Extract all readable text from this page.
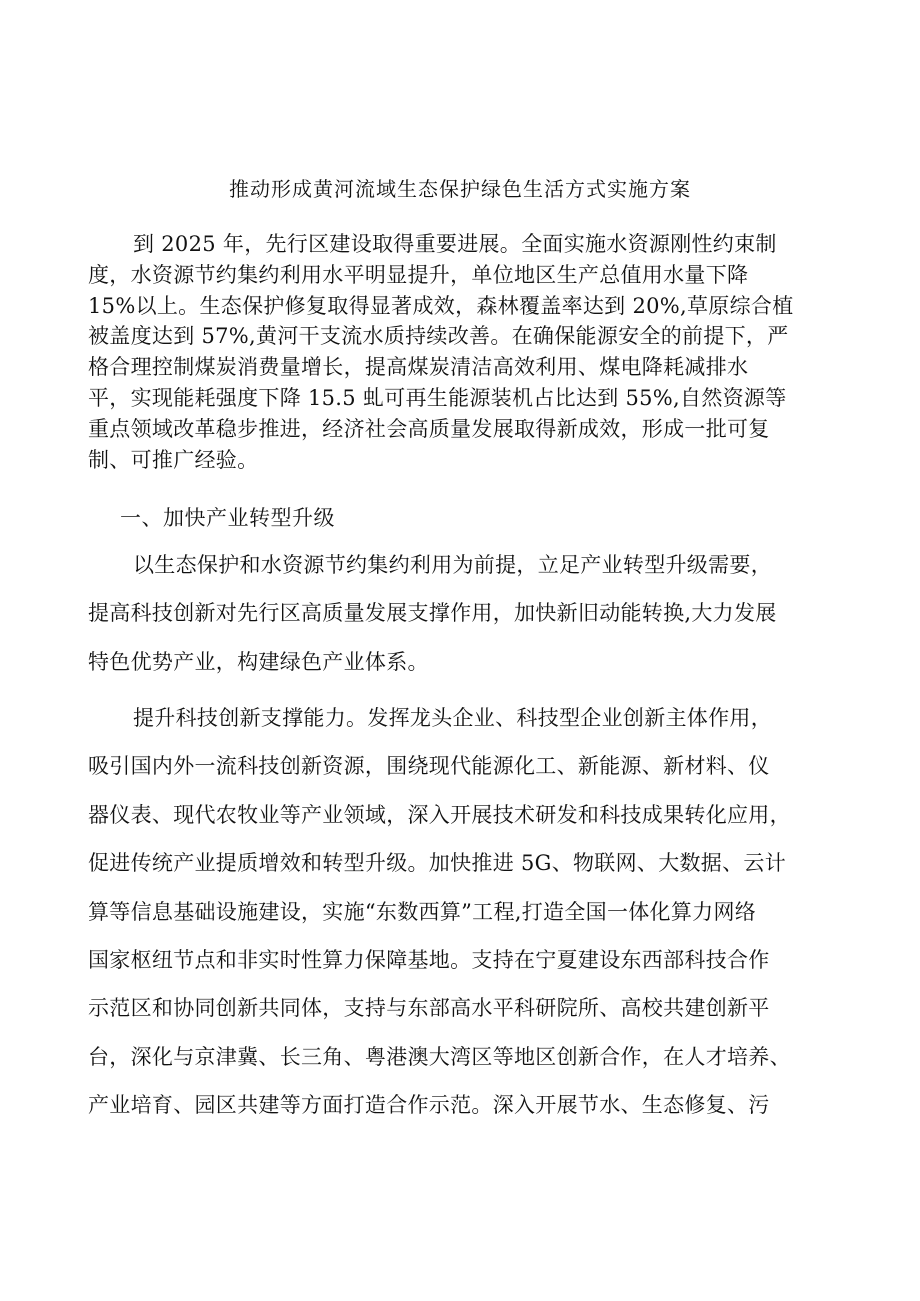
推动形成黄河流域生态保护绿色生活方式实施方案
到 2025 年，先行区建设取得重要进展。全面实施水资源刚性约束制
度，水资源节约集约利用水平明显提升，单位地区生产总值用水量下降
15%以上。生态保护修复取得显著成效，森林覆盖率达到 20%,草原综合植
被盖度达到 57%,黄河干支流水质持续改善。在确保能源安全的前提下，严
格合理控制煤炭消费量增长，提高煤炭清洁高效利用、煤电降耗减排水
平，实现能耗强度下降 15.5 虬可再生能源装机占比达到 55%,自然资源等
重点领域改革稳步推进，经济社会高质量发展取得新成效，形成一批可复
制、可推广经验。
一、加快产业转型升级
以生态保护和水资源节约集约利用为前提，立足产业转型升级需要，
提高科技创新对先行区高质量发展支撑作用，加快新旧动能转换,大力发展
特色优势产业，构建绿色产业体系。
提升科技创新支撑能力。发挥龙头企业、科技型企业创新主体作用，
吸引国内外一流科技创新资源，围绕现代能源化工、新能源、新材料、仪
器仪表、现代农牧业等产业领域，深入开展技术研发和科技成果转化应用，
促进传统产业提质增效和转型升级。加快推进 5G、物联网、大数据、云计
算等信息基础设施建设，实施“东数西算”工程,打造全国一体化算力网络
国家枢纽节点和非实时性算力保障基地。支持在宁夏建设东西部科技合作
示范区和协同创新共同体，支持与东部高水平科研院所、高校共建创新平
台，深化与京津冀、长三角、粤港澳大湾区等地区创新合作，在人才培养、
产业培育、园区共建等方面打造合作示范。深入开展节水、生态修复、污
